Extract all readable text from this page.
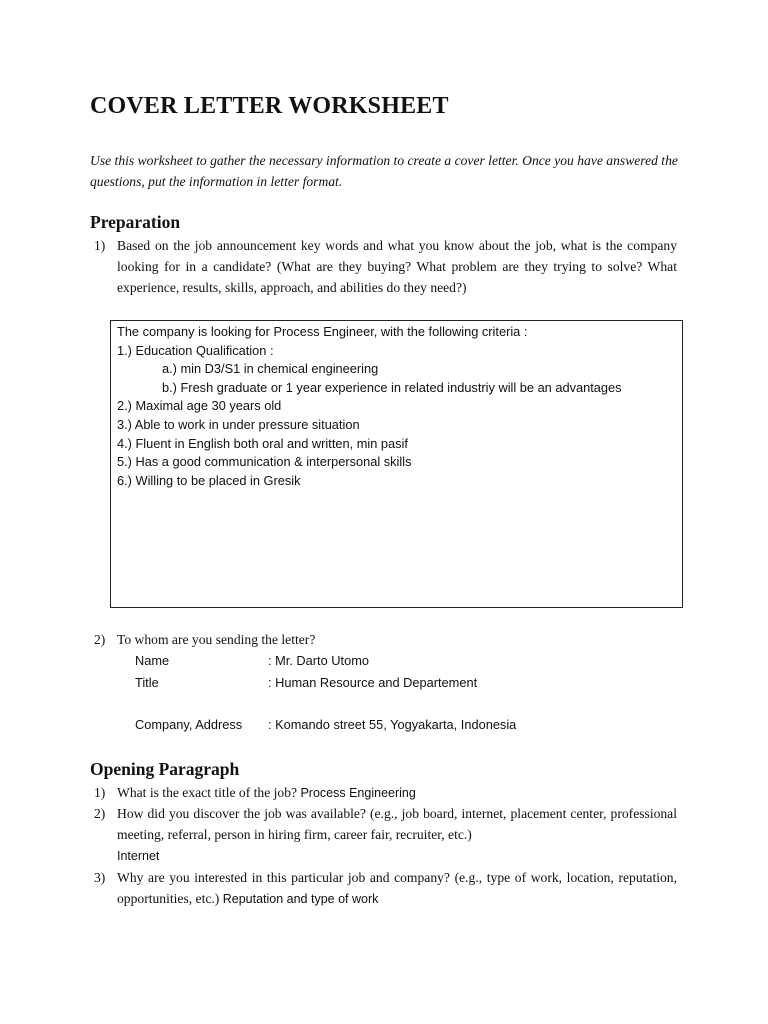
COVER LETTER WORKSHEET

Use this worksheet to gather the necessary information to create a cover letter. Once you have answered the questions, put the information in letter format.

Preparation
1) Based on the job announcement key words and what you know about the job, what is the company looking for in a candidate? (What are they buying? What problem are they trying to solve? What experience, results, skills, approach, and abilities do they need?)
The company is looking for Process Engineer, with the following criteria :
1.) Education Qualification :
a.) min D3/S1 in chemical engineering
b.) Fresh graduate or 1 year experience in related industriy will be an advantages
2.) Maximal age 30 years old
3.) Able to work in under pressure situation
4.) Fluent in English both oral and written, min pasif
5.) Has a good communication & interpersonal skills
6.) Willing to be placed in Gresik
2) To whom are you sending the letter?
Name	: Mr. Darto Utomo
Title	: Human Resource and Departement
Company, Address : Komando street 55, Yogyakarta, Indonesia
Opening Paragraph
1) What is the exact title of the job? Process Engineering
2) How did you discover the job was available? (e.g., job board, internet, placement center, professional meeting, referral, person in hiring firm, career fair, recruiter, etc.)
Internet
3) Why are you interested in this particular job and company? (e.g., type of work, location, reputation, opportunities, etc.) Reputation and type of work
